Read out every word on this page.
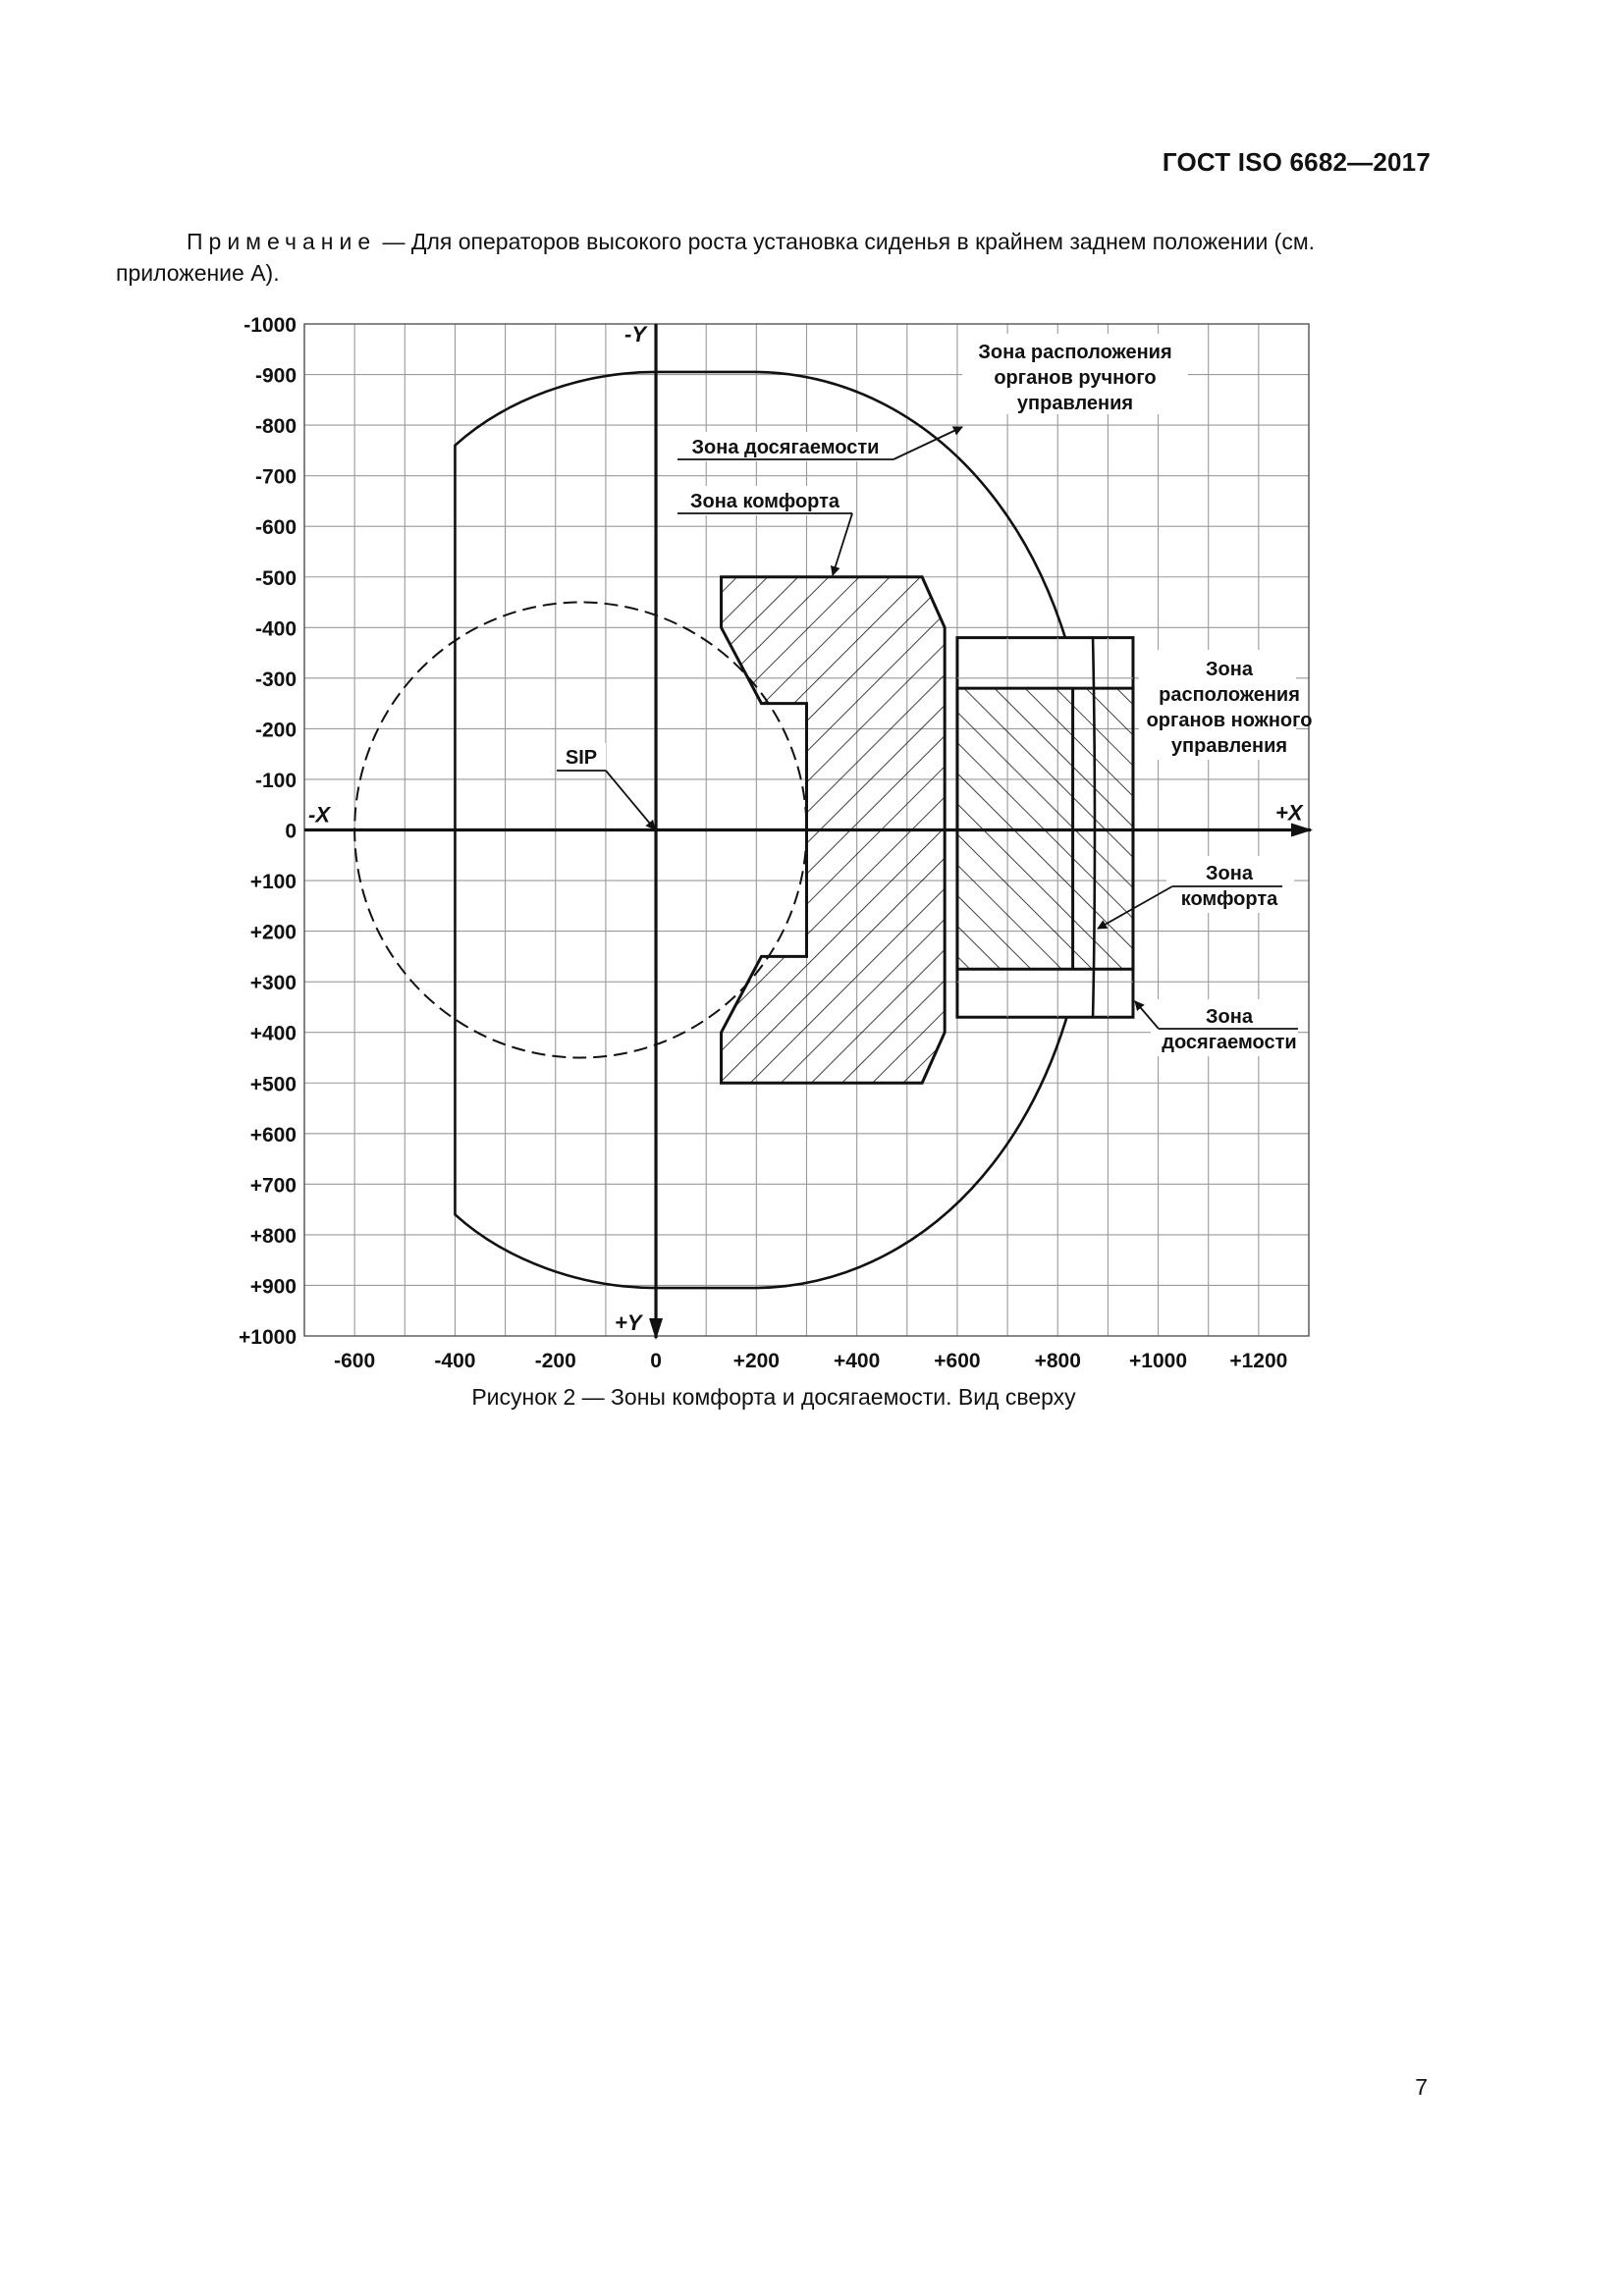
ГОСТ ISO 6682—2017
Примечание — Для операторов высокого роста установка сиденья в крайнем заднем положении (см. приложение А).
-X	+X
-Y
+Y
-1000
-900
-800
-700
-600
-500
-400
-300
-200
-100
0
+100
+200
+300
+400
+500
+600
+700
+800
+900
+1000
-600	-400	-200	0	+200	+400	+600	+800 +1000 +1200
Зона расположения
органов ручного
управления
Зона досягаемости
Зона комфорта
SIP
Зона
расположения
органов ножного
управления
Зона
комфорта
Зона
досягаемости
Рисунок 2 — Зоны комфорта и досягаемости. Вид сверху
7
